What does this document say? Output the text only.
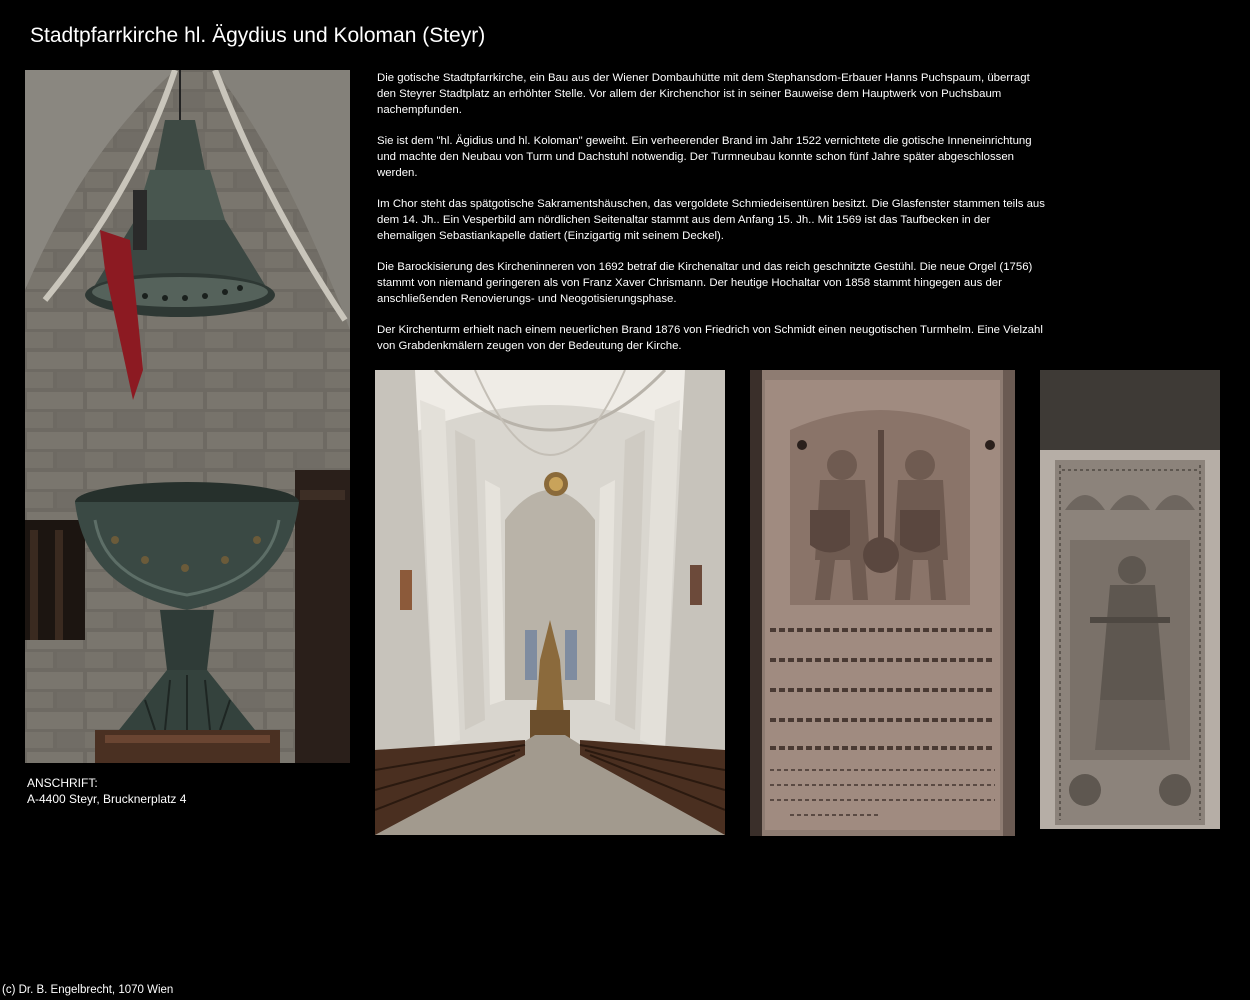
Stadtpfarrkirche hl. Ägydius und Koloman (Steyr)

Die gotische Stadtpfarrkirche, ein Bau aus der Wiener Dombauhütte mit dem Stephansdom-Erbauer Hanns Puchspaum, überragt den Steyrer Stadtplatz an erhöhter Stelle. Vor allem der Kirchenchor ist in seiner Bauweise dem Hauptwerk von Puchsbaum nachempfunden.

Sie ist dem "hl. Ägidius und hl. Koloman" geweiht. Ein verheerender Brand im Jahr 1522 vernichtete die gotische Inneneinrichtung und machte den Neubau von Turm und Dachstuhl notwendig. Der Turmneubau konnte schon fünf Jahre später abgeschlossen werden.

Im Chor steht das spätgotische Sakramentshäuschen, das vergoldete Schmiedeisentüren besitzt. Die Glasfenster stammen teils aus dem 14. Jh.. Ein Vesperbild am nördlichen Seitenaltar stammt aus dem Anfang 15. Jh.. Mit 1569 ist das Taufbecken in der ehemaligen Sebastiankapelle datiert (Einzigartig mit seinem Deckel).

Die Barockisierung des Kircheninneren von 1692 betraf die Kirchenaltar und das reich geschnitzte Gestühl. Die neue Orgel (1756) stammt von niemand geringeren als von Franz Xaver Chrismann. Der heutige Hochaltar von 1858 stammt hingegen aus der anschließenden Renovierungs- und Neogotisierungsphase.

Der Kirchenturm erhielt nach einem neuerlichen Brand 1876 von Friedrich von Schmidt einen neugotischen Turmhelm. Eine Vielzahl von Grabdenkmälern zeugen von der Bedeutung der Kirche.

ANSCHRIFT:
A-4400 Steyr, Brucknerplatz 4
(c) Dr. B. Engelbrecht, 1070 Wien
